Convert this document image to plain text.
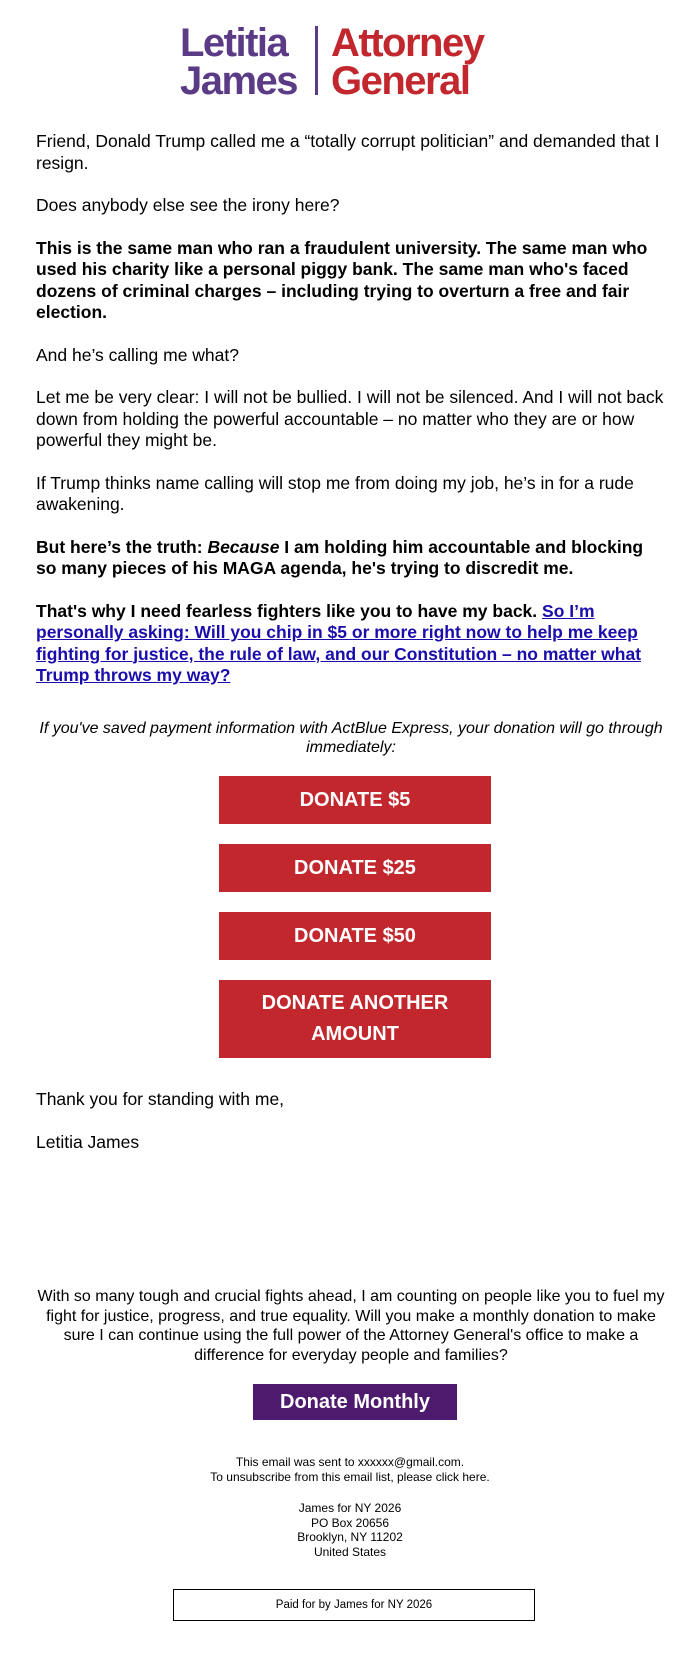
Letitia
James
Attorney
General

Friend, Donald Trump called me a “totally corrupt politician” and demanded that I resign.

Does anybody else see the irony here?

This is the same man who ran a fraudulent university. The same man who used his charity like a personal piggy bank. The same man who's faced dozens of criminal charges – including trying to overturn a free and fair election.

And he’s calling me what?

Let me be very clear: I will not be bullied. I will not be silenced. And I will not back down from holding the powerful accountable – no matter who they are or how powerful they might be.

If Trump thinks name calling will stop me from doing my job, he’s in for a rude awakening.

But here’s the truth: Because I am holding him accountable and blocking so many pieces of his MAGA agenda, he's trying to discredit me.

That's why I need fearless fighters like you to have my back. So I’m personally asking: Will you chip in $5 or more right now to help me keep fighting for justice, the rule of law, and our Constitution – no matter what Trump throws my way?

If you've saved payment information with ActBlue Express, your donation will go through immediately:
DONATE $5
DONATE $25
DONATE $50
DONATE ANOTHER
AMOUNT
Thank you for standing with me,
Letitia James
With so many tough and crucial fights ahead, I am counting on people like you to fuel my fight for justice, progress, and true equality. Will you make a monthly donation to make sure I can continue using the full power of the Attorney General's office to make a difference for everyday people and families?
Donate Monthly
This email was sent to xxxxxx@gmail.com.
To unsubscribe from this email list, please click here.
James for NY 2026
PO Box 20656
Brooklyn, NY 11202
United States
Paid for by James for NY 2026
